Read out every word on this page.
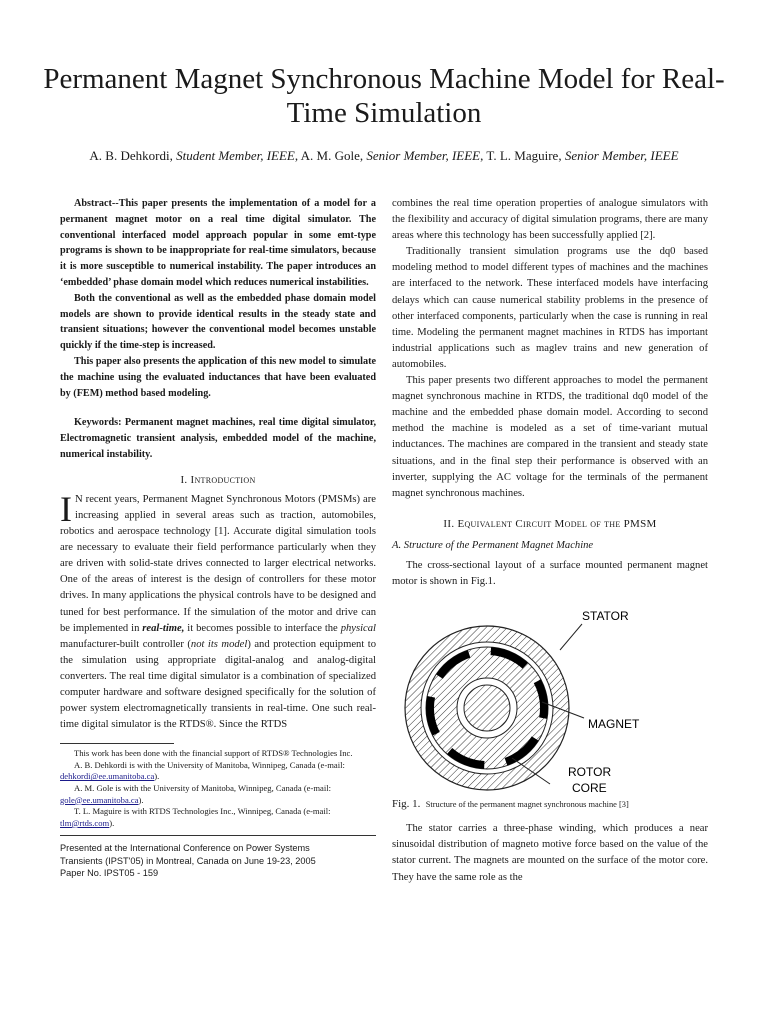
Permanent Magnet Synchronous Machine Model for Real- Time Simulation
A. B. Dehkordi, Student Member, IEEE, A. M. Gole, Senior Member, IEEE, T. L. Maguire, Senior Member, IEEE

Abstract--This paper presents the implementation of a model for a permanent magnet motor on a real time digital simulator. The conventional interfaced model approach popular in some emt-type programs is shown to be inappropriate for real-time simulators, because it is more susceptible to numerical instability. The paper introduces an ‘embedded’ phase domain model which reduces numerical instabilities.

Both the conventional as well as the embedded phase domain model models are shown to provide identical results in the steady state and transient situations; however the conventional model becomes unstable quickly if the time-step is increased.

This paper also presents the application of this new model to simulate the machine using the evaluated inductances that have been evaluated by (FEM) method based modeling.

Keywords: Permanent magnet machines, real time digital simulator, Electromagnetic transient analysis, embedded model of the machine, numerical instability.

I. Introduction

I N recent years, Permanent Magnet Synchronous Motors (PMSMs) are increasing applied in several areas such as traction, automobiles, robotics and aerospace technology [1]. Accurate digital simulation tools are necessary to evaluate their field performance particularly when they are driven with solid-state drives connected to larger electrical networks. One of the areas of interest is the design of controllers for these motor drives. In many applications the physical controls have to be designed and tuned for best performance. If the simulation of the motor and drive can be implemented in real-time, it becomes possible to interface the physical manufacturer-built controller (not its model) and protection equipment to the simulation using appropriate digital-analog and analog-digital converters. The real time digital simulator is a combination of specialized computer hardware and software designed specifically for the solution of power system electromagnetically transients in real-time. One such real-time digital simulator is the RTDS®. Since the RTDS

This work has been done with the financial support of RTDS® Technologies Inc.

A. B. Dehkordi is with the University of Manitoba, Winnipeg, Canada (e-mail: dehkordi@ee.umanitoba.ca).

A. M. Gole is with the University of Manitoba, Winnipeg, Canada (e-mail: gole@ee.umanitoba.ca).

T. L. Maguire is with RTDS Technologies Inc., Winnipeg, Canada (e-mail: tlm@rtds.com).

Presented at the International Conference on Power Systems
Transients (IPST'05) in Montreal, Canada on June 19-23, 2005
Paper No. IPST05 - 159

combines the real time operation properties of analogue simulators with the flexibility and accuracy of digital simulation programs, there are many areas where this technology has been successfully applied [2].

Traditionally transient simulation programs use the dq0 based modeling method to model different types of machines and the machines are interfaced to the network. These interfaced models have interfacing delays which can cause numerical stability problems in the presence of other interfaced components, particularly when the case is running in real time. Modeling the permanent magnet machines in RTDS has important industrial applications such as maglev trains and new generation of automobiles.

This paper presents two different approaches to model the permanent magnet synchronous machine in RTDS, the traditional dq0 model of the machine and the embedded phase domain model. According to second method the machine is modeled as a set of time-variant mutual inductances. The machines are compared in the transient and steady state situations, and in the final step their performance is observed with an inverter, supplying the AC voltage for the terminals of the permanent magnet synchronous machines.

II. Equivalent Circuit Model of the PMSM

A. Structure of the Permanent Magnet Machine

The cross-sectional layout of a surface mounted permanent magnet motor is shown in Fig.1.

STATOR
MAGNET
ROTOR
CORE

Fig. 1. Structure of the permanent magnet synchronous machine [3]

The stator carries a three-phase winding, which produces a near sinusoidal distribution of magneto motive force based on the value of the stator current. The magnets are mounted on the surface of the motor core. They have the same role as the
